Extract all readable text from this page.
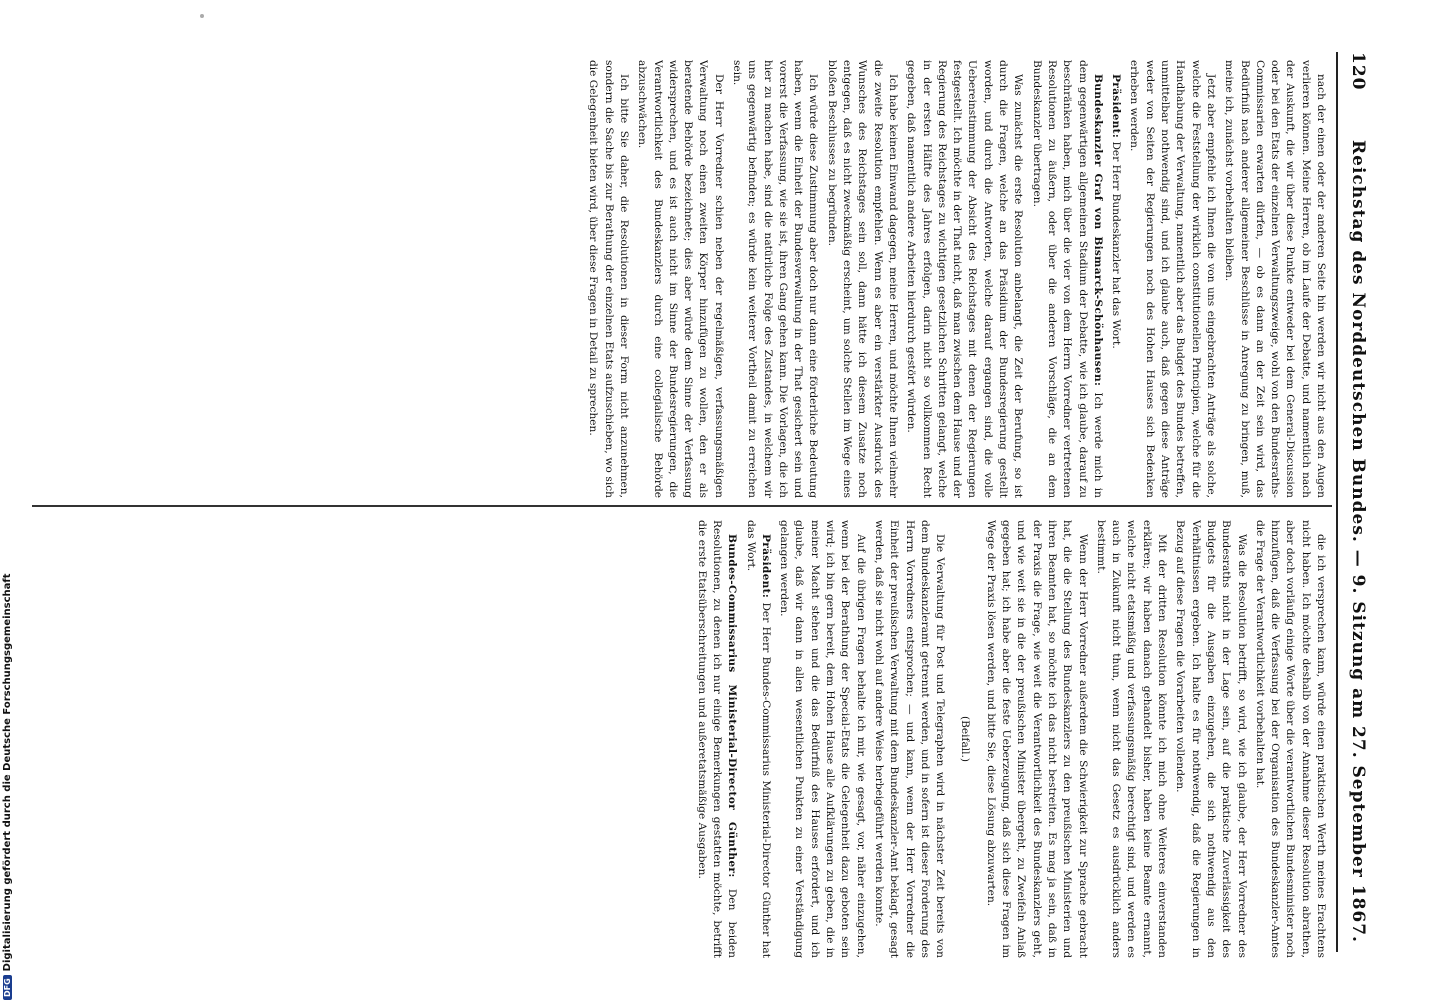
120
Reichstag des Norddeutschen Bundes. — 9. Sitzung am 27. September 1867.

nach der einen oder der anderen Seite hin werden wir nicht aus den Augen verlieren können. Meine Herren, ob im Laufe der Debatte, und namentlich nach der Auskunft, die wir über diese Punkte entweder bei dem General-Discussion oder bei den Etats der einzelnen Verwaltungszweige, wohl von den Bundesraths-Commissarien erwarten dürfen, — ob es dann an der Zeit sein wird, das Bedürfniß nach anderer allgemeiner Beschlüsse in Anregung zu bringen, muß, meine ich, zunächst vorbehalten bleiben.

Jetzt aber empfehle ich Ihnen die von uns eingebrachten Anträge als solche, welche die Feststellung der wirklich constitutionellen Principien, welche für die Handhabung der Verwaltung, namentlich aber das Budget des Bundes betreffen, unmittelbar nothwendig sind, und ich glaube auch, daß gegen diese Anträge weder von Seiten der Regierungen noch des Hohen Hauses sich Bedenken erheben werden.

Präsident: Der Herr Bundeskanzler hat das Wort.

Bundeskanzler Graf von Bismarck-Schönhausen: Ich werde mich in dem gegenwärtigen allgemeinen Stadium der Debatte, wie ich glaube, darauf zu beschränken haben, mich über die vier von dem Herrn Vorredner vertretenen Resolutionen zu äußern, oder über die anderen Vorschläge, die an dem Bundeskanzler übertragen.

Was zunächst die erste Resolution anbelangt, die Zeit der Berufung, so ist durch die Fragen, welche an das Präsidium der Bundesregierung gestellt worden, und durch die Antworten, welche darauf ergangen sind, die volle Uebereinstimmung der Absicht des Reichstages mit denen der Regierungen festgestellt. Ich möchte in der That nicht, daß man zwischen dem Hause und der Regierung des Reichstages zu wichtigen gesetzlichen Schritten gelangt, welche in der ersten Hälfte des Jahres erfolgen, darin nicht so vollkommen Recht gegeben, daß namentlich andere Arbeiten hierdurch gestört würden.

Ich habe keinen Einwand dagegen, meine Herren, und möchte Ihnen vielmehr die zweite Resolution empfehlen. Wenn es aber ein verstärkter Ausdruck des Wunsches des Reichstages sein soll, dann hätte ich diesem Zusatze noch entgegen, daß es nicht zweckmäßig erscheint, um solche Stellen im Wege eines bloßen Beschlusses zu begründen.

Ich würde diese Zustimmung aber doch nur dann eine förderliche Bedeutung haben, wenn die Einheit der Bundesverwaltung in der That gesichert sein und vorerst die Verfassung, wie sie ist, ihren Gang gehen kann. Die Vorlagen, die ich hier zu machen habe, sind die natürliche Folge des Zustandes, in welchem wir uns gegenwärtig befinden; es würde kein weiterer Vortheil damit zu erreichen sein.

Der Herr Vorredner schien neben der regelmäßigen, verfassungsmäßigen Verwaltung noch einen zweiten Körper hinzufügen zu wollen, den er als beratende Behörde bezeichnete; dies aber würde dem Sinne der Verfassung widersprechen, und es ist auch nicht im Sinne der Bundesregierungen, die Verantwortlichkeit des Bundeskanzlers durch eine collegialische Behörde abzuschwächen.

Ich bitte Sie daher, die Resolutionen in dieser Form nicht anzunehmen, sondern die Sache bis zur Berathung der einzelnen Etats aufzuschieben, wo sich die Gelegenheit bieten wird, über diese Fragen in Detail zu sprechen.

die ich versprechen kann, würde einen praktischen Werth meines Erachtens nicht haben. Ich möchte deshalb von der Annahme dieser Resolution abrathen, aber doch vorläufig einige Worte über die verantwortlichen Bundesminister noch hinzufügen, daß die Verfassung bei der Organisation des Bundeskanzler-Amtes die Frage der Verantwortlichkeit vorbehalten hat.

Was die Resolution betrifft, so wird, wie ich glaube, der Herr Vorredner des Bundesraths nicht in der Lage sein, auf die praktische Zuverlässigkeit des Budgets für die Ausgaben einzugehen, die sich nothwendig aus den Verhältnissen ergeben. Ich halte es für nothwendig, daß die Regierungen in Bezug auf diese Fragen die Vorarbeiten vollenden.

Mit der dritten Resolution könnte ich mich ohne Weiteres einverstanden erklären; wir haben danach gehandelt bisher, haben keine Beamte ernannt, welche nicht etatsmäßig und verfassungsmäßig berechtigt sind, und werden es auch in Zukunft nicht thun, wenn nicht das Gesetz es ausdrücklich anders bestimmt.

Wenn der Herr Vorredner außerdem die Schwierigkeit zur Sprache gebracht hat, die die Stellung des Bundeskanzlers zu den preußischen Ministerien und ihren Beamten hat, so möchte ich das nicht bestreiten. Es mag ja sein, daß in der Praxis die Frage, wie weit die Verantwortlichkeit des Bundeskanzlers geht, und wie weit sie in die der preußischen Minister übergeht, zu Zweifeln Anlaß gegeben hat; ich habe aber die feste Ueberzeugung, daß sich diese Fragen im Wege der Praxis lösen werden, und bitte Sie, diese Lösung abzuwarten.

(Beifall.)

Die Verwaltung für Post und Telegraphen wird in nächster Zeit bereits von dem Bundeskanzleramt getrennt werden, und in sofern ist dieser Forderung des Herrn Vorredners entsprochen; — und kann, wenn der Herr Vorredner die Einheit der preußischen Verwaltung mit dem Bundeskanzler-Amt beklagt, gesagt werden, daß sie nicht wohl auf andere Weise herbeigeführt werden konnte.

Auf die übrigen Fragen behalte ich mir, wie gesagt, vor, näher einzugehen, wenn bei der Berathung der Special-Etats die Gelegenheit dazu geboten sein wird; ich bin gern bereit, dem Hohen Hause alle Aufklärungen zu geben, die in meiner Macht stehen und die das Bedürfniß des Hauses erfordert, und ich glaube, daß wir dann in allen wesentlichen Punkten zu einer Verständigung gelangen werden.

Präsident: Der Herr Bundes-Commissarius Ministerial-Director Günther hat das Wort.

Bundes-Commissarius Ministerial-Director Günther: Den beiden Resolutionen, zu denen ich nur einige Bemerkungen gestatten möchte, betrifft die erste Etatsüberschreitungen und außeretatsmäßige Ausgaben.

DFGDigitalisierung gefördert durch die Deutsche Forschungsgemeinschaft
